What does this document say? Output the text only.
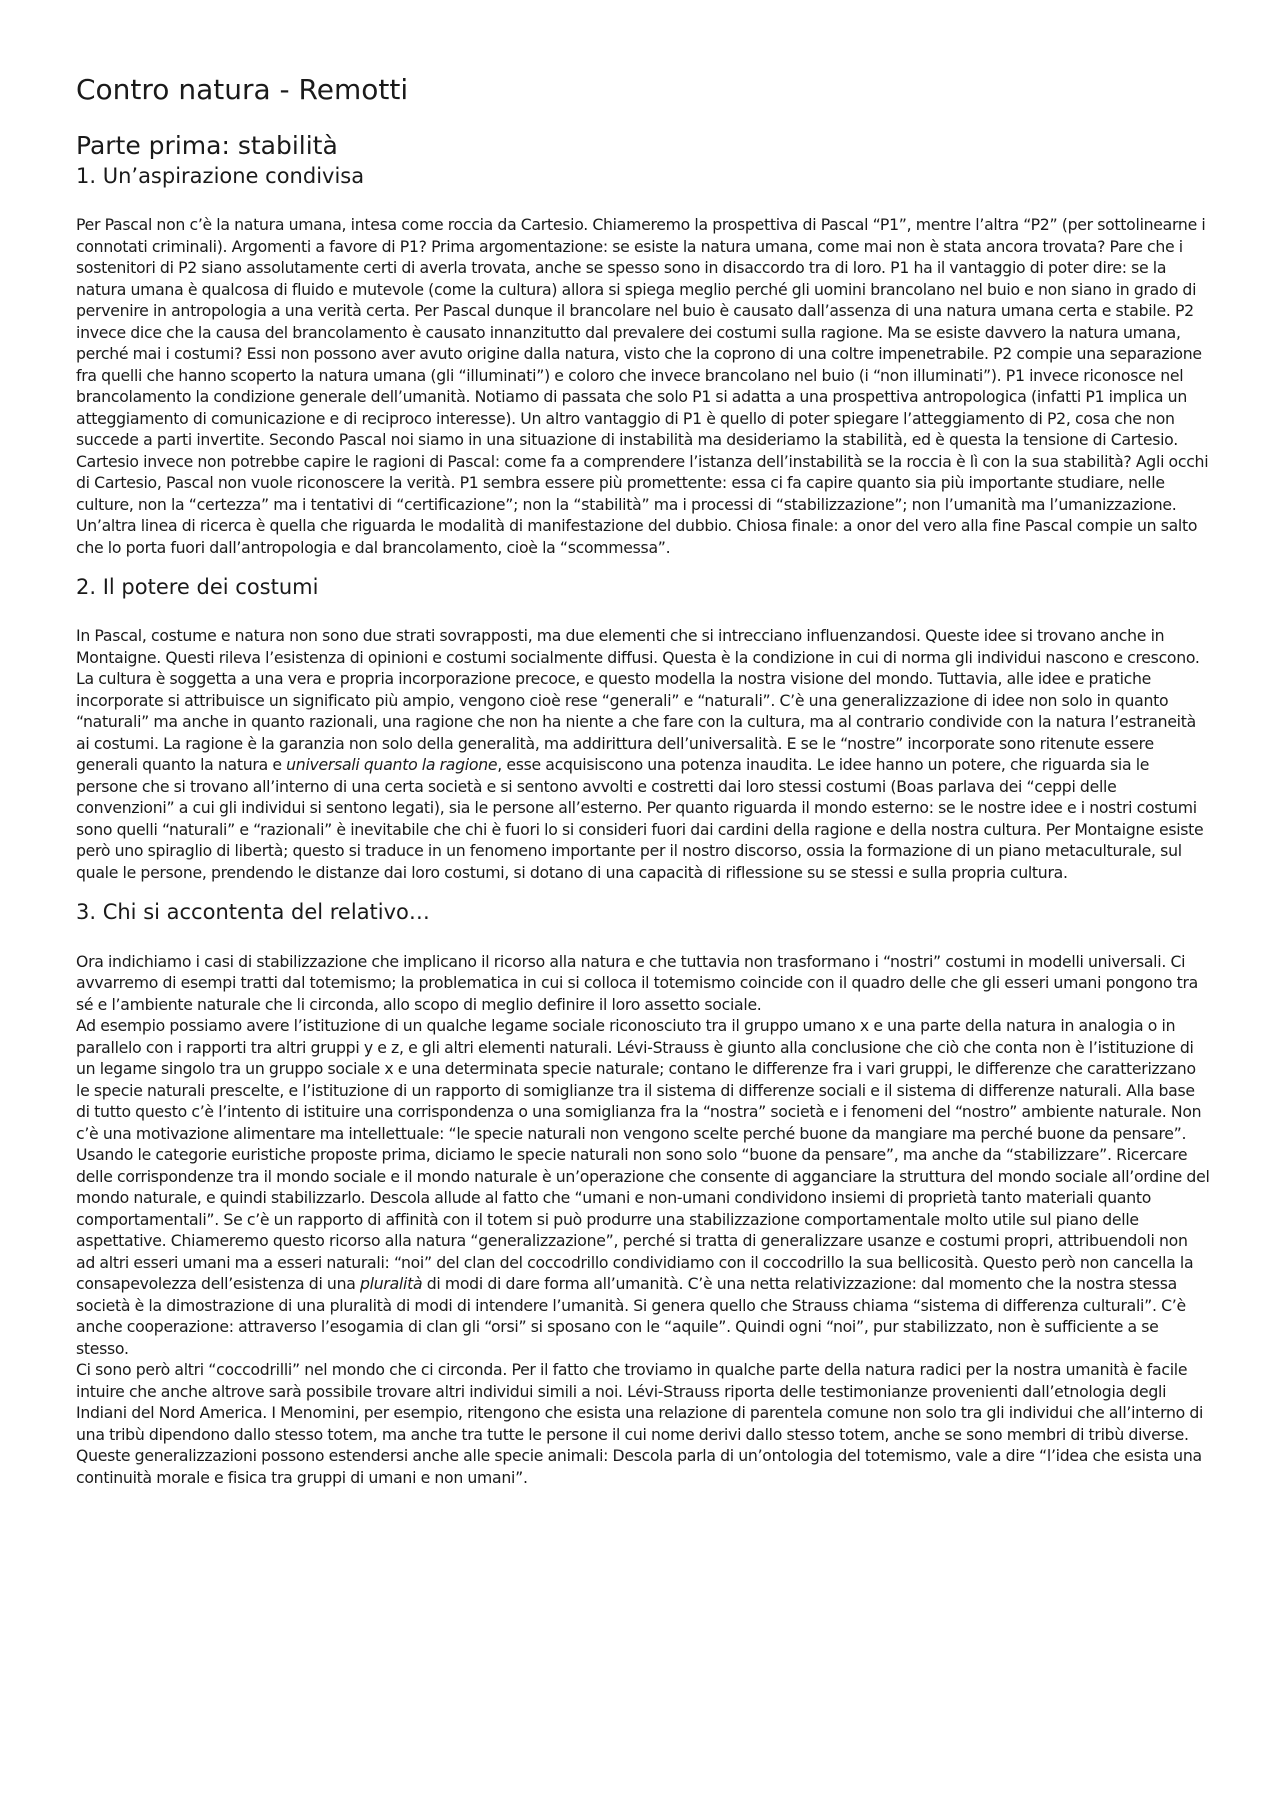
Contro natura - Remotti
Parte prima: stabilità
1. Un’aspirazione condivisa

Per Pascal non c’è la natura umana, intesa come roccia da Cartesio. Chiameremo la prospettiva di Pascal “P1”, mentre l’altra “P2” (per sottolinearne i connotati criminali). Argomenti a favore di P1? Prima argomentazione: se esiste la natura umana, come mai non è stata ancora trovata? Pare che i sostenitori di P2 siano assolutamente certi di averla trovata, anche se spesso sono in disaccordo tra di loro. P1 ha il vantaggio di poter dire: se la natura umana è qualcosa di fluido e mutevole (come la cultura) allora si spiega meglio perché gli uomini brancolano nel buio e non siano in grado di pervenire in antropologia a una verità certa. Per Pascal dunque il brancolare nel buio è causato dall’assenza di una natura umana certa e stabile. P2 invece dice che la causa del brancolamento è causato innanzitutto dal prevalere dei costumi sulla ragione. Ma se esiste davvero la natura umana, perché mai i costumi? Essi non possono aver avuto origine dalla natura, visto che la coprono di una coltre impenetrabile. P2 compie una separazione fra quelli che hanno scoperto la natura umana (gli “illuminati”) e coloro che invece brancolano nel buio (i “non illuminati”). P1 invece riconosce nel brancolamento la condizione generale dell’umanità. Notiamo di passata che solo P1 si adatta a una prospettiva antropologica (infatti P1 implica un atteggiamento di comunicazione e di reciproco interesse). Un altro vantaggio di P1 è quello di poter spiegare l’atteggiamento di P2, cosa che non succede a parti invertite. Secondo Pascal noi siamo in una situazione di instabilità ma desideriamo la stabilità, ed è questa la tensione di Cartesio. Cartesio invece non potrebbe capire le ragioni di Pascal: come fa a comprendere l’istanza dell’instabilità se la roccia è lì con la sua stabilità? Agli occhi di Cartesio, Pascal non vuole riconoscere la verità. P1 sembra essere più promettente: essa ci fa capire quanto sia più importante studiare, nelle culture, non la “certezza” ma i tentativi di “certificazione”; non la “stabilità” ma i processi di “stabilizzazione”; non l’umanità ma l’umanizzazione. Un’altra linea di ricerca è quella che riguarda le modalità di manifestazione del dubbio. Chiosa finale: a onor del vero alla fine Pascal compie un salto che lo porta fuori dall’antropologia e dal brancolamento, cioè la “scommessa”.

2. Il potere dei costumi

In Pascal, costume e natura non sono due strati sovrapposti, ma due elementi che si intrecciano influenzandosi. Queste idee si trovano anche in Montaigne. Questi rileva l’esistenza di opinioni e costumi socialmente diffusi. Questa è la condizione in cui di norma gli individui nascono e crescono. La cultura è soggetta a una vera e propria incorporazione precoce, e questo modella la nostra visione del mondo. Tuttavia, alle idee e pratiche incorporate si attribuisce un significato più ampio, vengono cioè rese “generali” e “naturali”. C’è una generalizzazione di idee non solo in quanto “naturali” ma anche in quanto razionali, una ragione che non ha niente a che fare con la cultura, ma al contrario condivide con la natura l’estraneità ai costumi. La ragione è la garanzia non solo della generalità, ma addirittura dell’universalità. E se le “nostre” incorporate sono ritenute essere generali quanto la natura e universali quanto la ragione, esse acquisiscono una potenza inaudita. Le idee hanno un potere, che riguarda sia le persone che si trovano all’interno di una certa società e si sentono avvolti e costretti dai loro stessi costumi (Boas parlava dei “ceppi delle convenzioni” a cui gli individui si sentono legati), sia le persone all’esterno. Per quanto riguarda il mondo esterno: se le nostre idee e i nostri costumi sono quelli “naturali” e “razionali” è inevitabile che chi è fuori lo si consideri fuori dai cardini della ragione e della nostra cultura. Per Montaigne esiste però uno spiraglio di libertà; questo si traduce in un fenomeno importante per il nostro discorso, ossia la formazione di un piano metaculturale, sul quale le persone, prendendo le distanze dai loro costumi, si dotano di una capacità di riflessione su se stessi e sulla propria cultura.

3. Chi si accontenta del relativo…

Ora indichiamo i casi di stabilizzazione che implicano il ricorso alla natura e che tuttavia non trasformano i “nostri” costumi in modelli universali. Ci avvarremo di esempi tratti dal totemismo; la problematica in cui si colloca il totemismo coincide con il quadro delle che gli esseri umani pongono tra sé e l’ambiente naturale che li circonda, allo scopo di meglio definire il loro assetto sociale.

Ad esempio possiamo avere l’istituzione di un qualche legame sociale riconosciuto tra il gruppo umano x e una parte della natura in analogia o in parallelo con i rapporti tra altri gruppi y e z, e gli altri elementi naturali. Lévi-Strauss è giunto alla conclusione che ciò che conta non è l’istituzione di un legame singolo tra un gruppo sociale x e una determinata specie naturale; contano le differenze fra i vari gruppi, le differenze che caratterizzano le specie naturali prescelte, e l’istituzione di un rapporto di somiglianze tra il sistema di differenze sociali e il sistema di differenze naturali. Alla base di tutto questo c’è l’intento di istituire una corrispondenza o una somiglianza fra la “nostra” società e i fenomeni del “nostro” ambiente naturale. Non c’è una motivazione alimentare ma intellettuale: “le specie naturali non vengono scelte perché buone da mangiare ma perché buone da pensare”. Usando le categorie euristiche proposte prima, diciamo le specie naturali non sono solo “buone da pensare”, ma anche da “stabilizzare”. Ricercare delle corrispondenze tra il mondo sociale e il mondo naturale è un’operazione che consente di agganciare la struttura del mondo sociale all’ordine del mondo naturale, e quindi stabilizzarlo. Descola allude al fatto che “umani e non-umani condividono insiemi di proprietà tanto materiali quanto comportamentali”. Se c’è un rapporto di affinità con il totem si può produrre una stabilizzazione comportamentale molto utile sul piano delle aspettative. Chiameremo questo ricorso alla natura “generalizzazione”, perché si tratta di generalizzare usanze e costumi propri, attribuendoli non ad altri esseri umani ma a esseri naturali: “noi” del clan del coccodrillo condividiamo con il coccodrillo la sua bellicosità. Questo però non cancella la consapevolezza dell’esistenza di una pluralità di modi di dare forma all’umanità. C’è una netta relativizzazione: dal momento che la nostra stessa società è la dimostrazione di una pluralità di modi di intendere l’umanità. Si genera quello che Strauss chiama “sistema di differenza culturali”. C’è anche cooperazione: attraverso l’esogamia di clan gli “orsi” si sposano con le “aquile”. Quindi ogni “noi”, pur stabilizzato, non è sufficiente a se stesso.

Ci sono però altri “coccodrilli” nel mondo che ci circonda. Per il fatto che troviamo in qualche parte della natura radici per la nostra umanità è facile intuire che anche altrove sarà possibile trovare altri individui simili a noi. Lévi-Strauss riporta delle testimonianze provenienti dall’etnologia degli Indiani del Nord America. I Menomini, per esempio, ritengono che esista una relazione di parentela comune non solo tra gli individui che all’interno di una tribù dipendono dallo stesso totem, ma anche tra tutte le persone il cui nome derivi dallo stesso totem, anche se sono membri di tribù diverse. Queste generalizzazioni possono estendersi anche alle specie animali: Descola parla di un’ontologia del totemismo, vale a dire “l’idea che esista una continuità morale e fisica tra gruppi di umani e non umani”.
